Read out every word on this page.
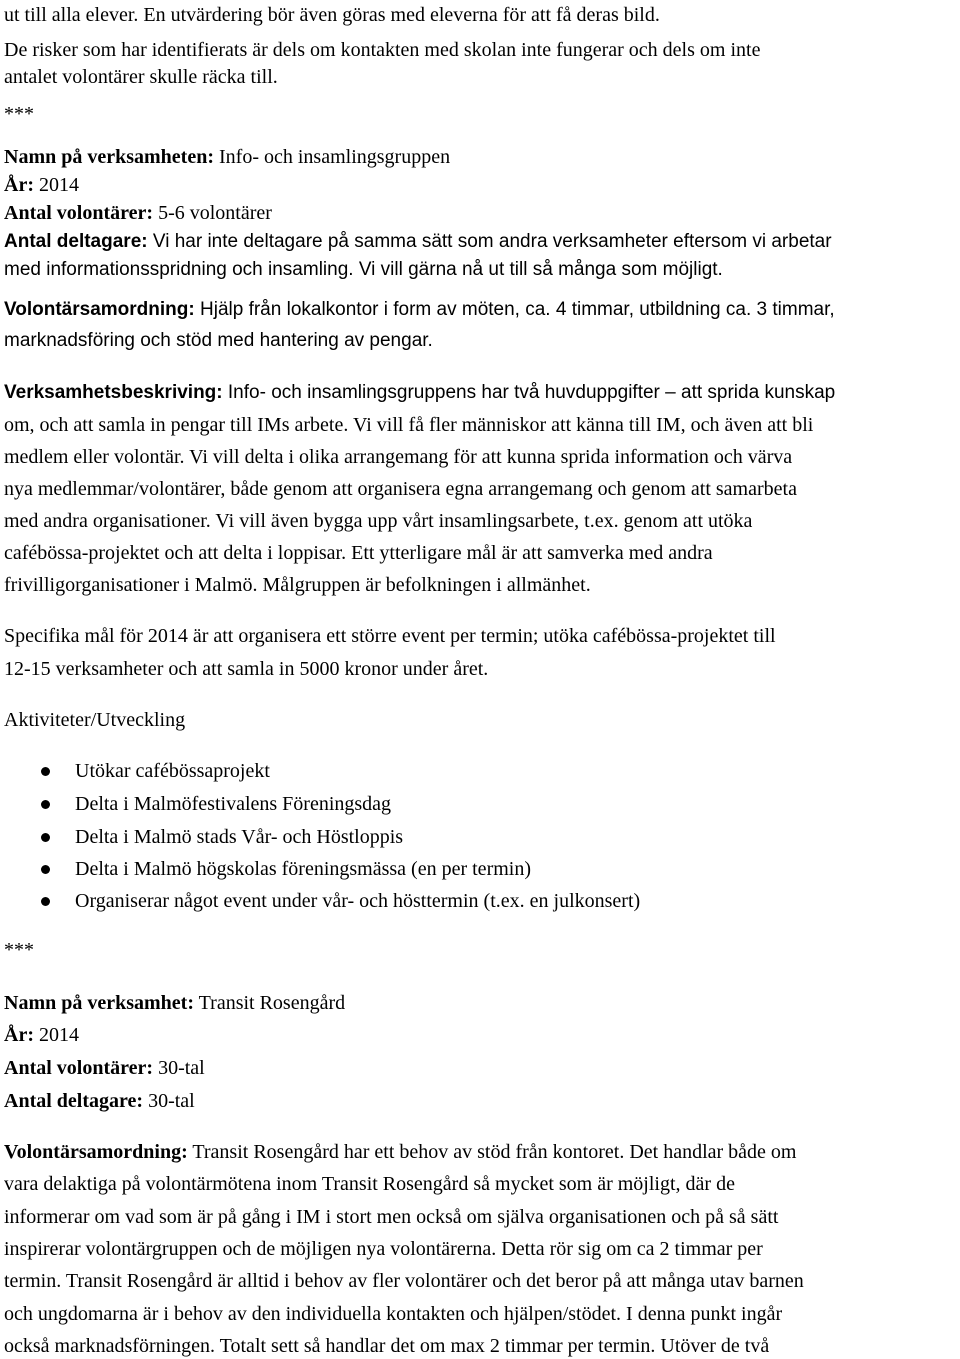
ut till alla elever. En utvärdering bör även göras med eleverna för att få deras bild.
De risker som har identifierats är dels om kontakten med skolan inte fungerar och dels om inte
antalet volontärer skulle räcka till.
***
Namn på verksamheten: Info- och insamlingsgruppen
År: 2014
Antal volontärer: 5-6 volontärer
Antal deltagare: Vi har inte deltagare på samma sätt som andra verksamheter eftersom vi arbetar
med informationsspridning och insamling. Vi vill gärna nå ut till så många som möjligt.
Volontärsamordning: Hjälp från lokalkontor i form av möten, ca. 4 timmar, utbildning ca. 3 timmar,
marknadsföring och stöd med hantering av pengar.
Verksamhetsbeskriving: Info- och insamlingsgruppens har två huvduppgifter – att sprida kunskap
om, och att samla in pengar till IMs arbete. Vi vill få fler människor att känna till IM, och även att bli
medlem eller volontär. Vi vill delta i olika arrangemang för att kunna sprida information och värva
nya medlemmar/volontärer, både genom att organisera egna arrangemang och genom att samarbeta
med andra organisationer. Vi vill även bygga upp vårt insamlingsarbete, t.ex. genom att utöka
cafébössa-projektet och att delta i loppisar. Ett ytterligare mål är att samverka med andra
frivilligorganisationer i Malmö. Målgruppen är befolkningen i allmänhet.
Specifika mål för 2014 är att organisera ett större event per termin; utöka cafébössa-projektet till
12-15 verksamheter och att samla in 5000 kronor under året.
Aktiviteter/Utveckling
Utökar cafébössaprojekt
Delta i Malmöfestivalens Föreningsdag
Delta i Malmö stads Vår- och Höstloppis
Delta i Malmö högskolas föreningsmässa (en per termin)
Organiserar något event under vår- och hösttermin (t.ex. en julkonsert)
***
Namn på verksamhet: Transit Rosengård
År: 2014
Antal volontärer: 30-tal
Antal deltagare: 30-tal
Volontärsamordning: Transit Rosengård har ett behov av stöd från kontoret. Det handlar både om
vara delaktiga på volontärmötena inom Transit Rosengård så mycket som är möjligt, där de
informerar om vad som är på gång i IM i stort men också om själva organisationen och på så sätt
inspirerar volontärgruppen och de möjligen nya volontärerna. Detta rör sig om ca 2 timmar per
termin. Transit Rosengård är alltid i behov av fler volontärer och det beror på att många utav barnen
och ungdomarna är i behov av den individuella kontakten och hjälpen/stödet. I denna punkt ingår
också marknadsförningen. Totalt sett så handlar det om max 2 timmar per termin. Utöver de två
